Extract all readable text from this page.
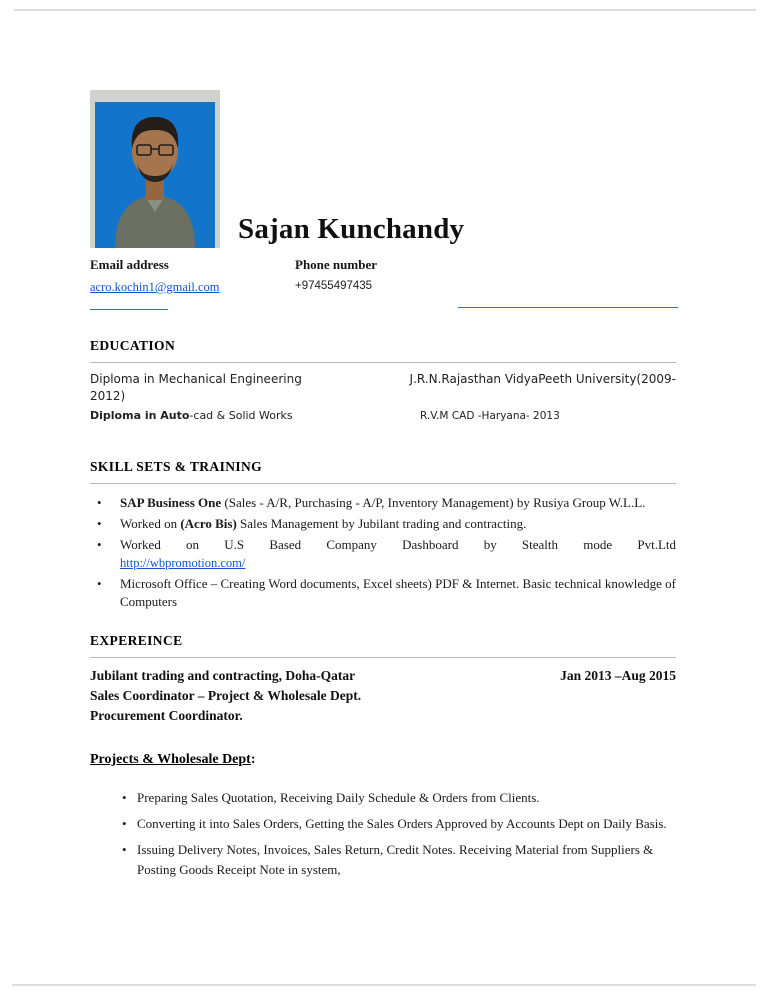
Sajan Kunchandy
Email address	Phone number
acro.kochin1@gmail.com	+97455497435
EDUCATION
Diploma in Mechanical Engineering	J.R.N.Rajasthan VidyaPeeth University(2009-
2012)
Diploma in Auto-cad & Solid Works	R.V.M CAD -Haryana- 2013
SKILL SETS & TRAINING
• SAP Business One (Sales - A/R, Purchasing - A/P, Inventory Management) by Rusiya Group W.L.L.
• Worked on (Acro Bis) Sales Management by Jubilant trading and contracting.
• Worked on U.S Based Company Dashboard by Stealth mode Pvt.Ltd
http://wbpromotion.com/
• Microsoft Office – Creating Word documents, Excel sheets) PDF & Internet. Basic technical knowledge of Computers
EXPEREINCE
Jubilant trading and contracting, Doha-Qatar	Jan 2013 –Aug 2015
Sales Coordinator – Project & Wholesale Dept.
Procurement Coordinator.
Projects & Wholesale Dept:
• Preparing Sales Quotation, Receiving Daily Schedule & Orders from Clients.
• Converting it into Sales Orders, Getting the Sales Orders Approved by Accounts Dept on Daily Basis.
• Issuing Delivery Notes, Invoices, Sales Return, Credit Notes. Receiving Material from Suppliers & Posting Goods Receipt Note in system,
